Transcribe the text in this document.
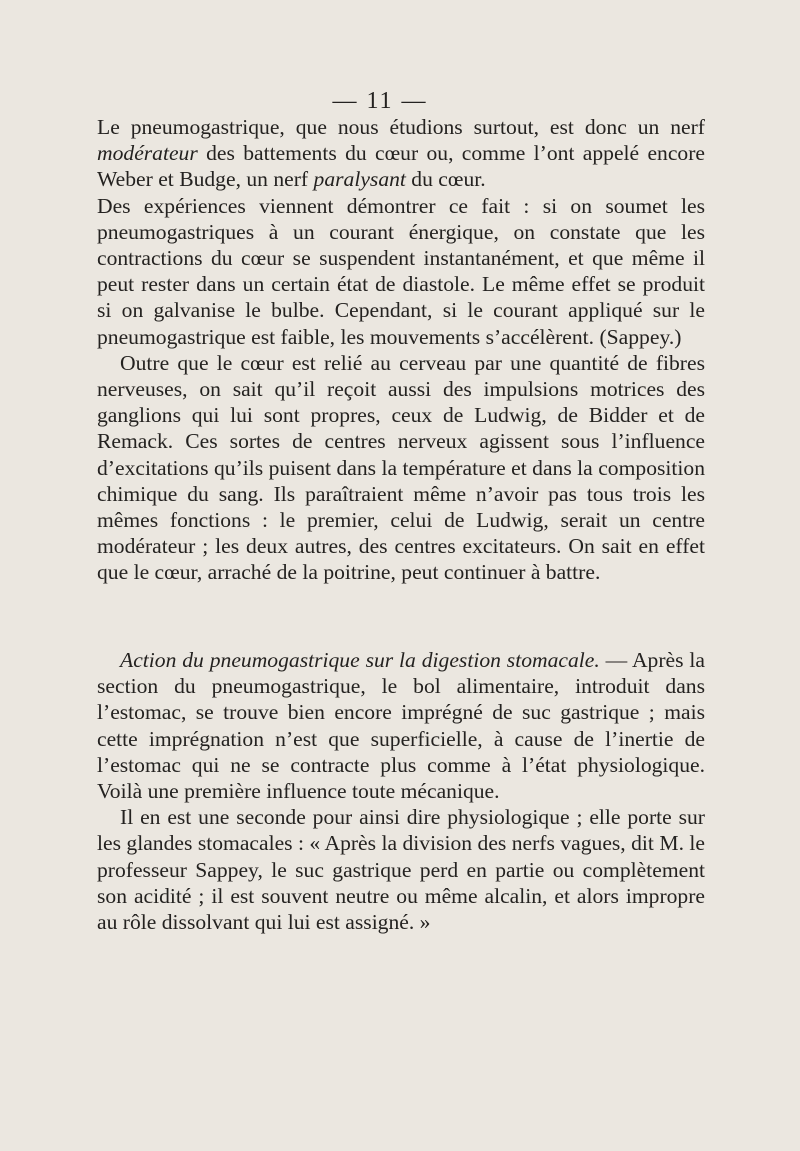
— 11 —

Le pneumogastrique, que nous étudions surtout, est donc un nerf modérateur des battements du cœur ou, comme l’ont appelé encore Weber et Budge, un nerf paralysant du cœur.

Des expériences viennent démontrer ce fait : si on soumet les pneumogastriques à un courant énergique, on constate que les contractions du cœur se suspendent instantanément, et que même il peut rester dans un certain état de diastole. Le même effet se produit si on galvanise le bulbe. Cependant, si le courant appliqué sur le pneumogastrique est faible, les mouvements s’accélèrent. (Sappey.)

Outre que le cœur est relié au cerveau par une quantité de fibres nerveuses, on sait qu’il reçoit aussi des impulsions motrices des ganglions qui lui sont propres, ceux de Ludwig, de Bidder et de Remack. Ces sortes de centres nerveux agissent sous l’influence d’excitations qu’ils puisent dans la température et dans la composition chimique du sang. Ils paraîtraient même n’avoir pas tous trois les mêmes fonctions : le premier, celui de Ludwig, serait un centre modérateur ; les deux autres, des centres excitateurs. On sait en effet que le cœur, arraché de la poitrine, peut continuer à battre.

Action du pneumogastrique sur la digestion stomacale. — Après la section du pneumogastrique, le bol alimentaire, introduit dans l’estomac, se trouve bien encore imprégné de suc gastrique ; mais cette imprégnation n’est que superficielle, à cause de l’inertie de l’estomac qui ne se contracte plus comme à l’état physiologique. Voilà une première influence toute mécanique.

Il en est une seconde pour ainsi dire physiologique ; elle porte sur les glandes stomacales : « Après la division des nerfs vagues, dit M. le professeur Sappey, le suc gastrique perd en partie ou complètement son acidité ; il est souvent neutre ou même alcalin, et alors impropre au rôle dissolvant qui lui est assigné. »
